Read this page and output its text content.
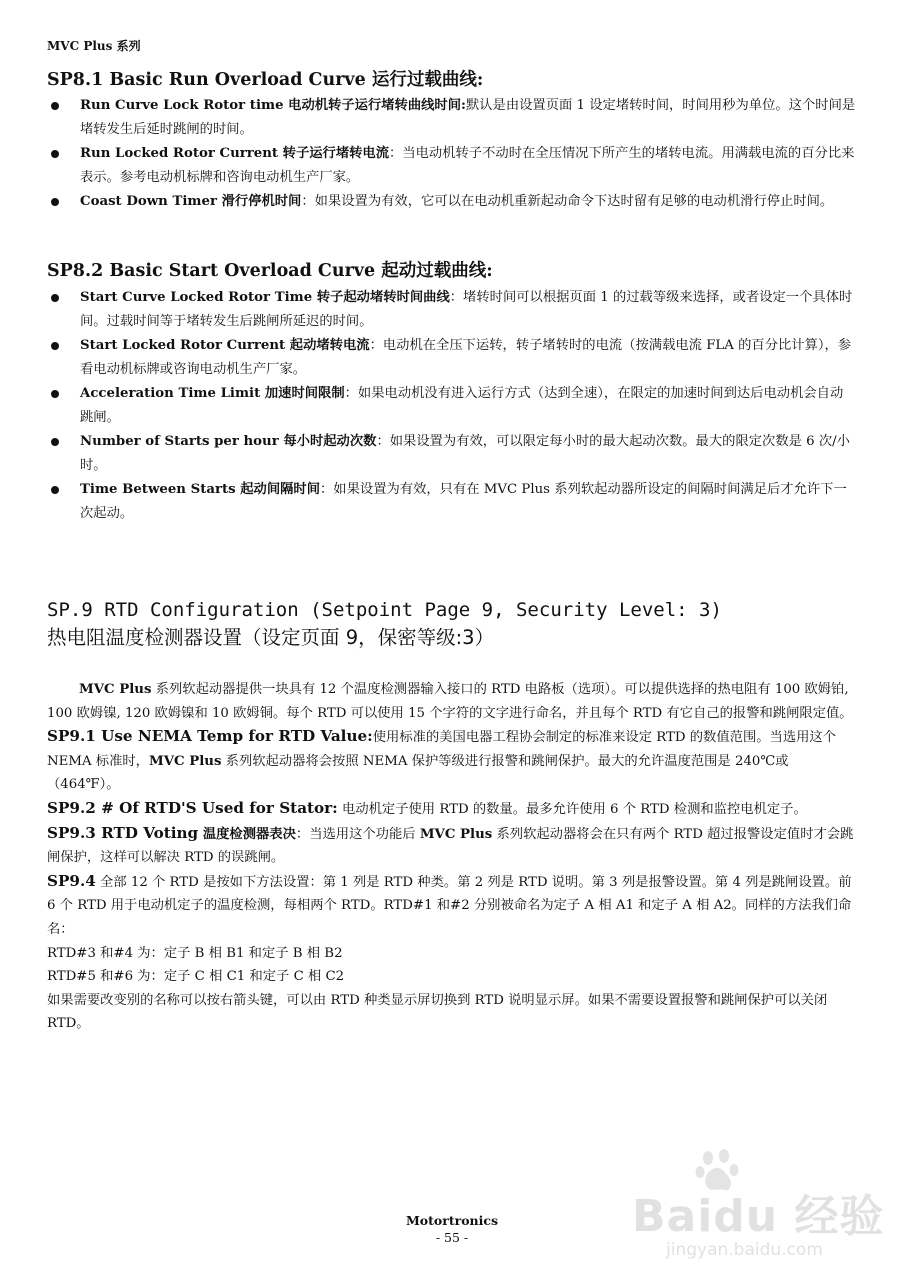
MVC Plus 系列
SP8.1 Basic Run Overload Curve 运行过载曲线:
Run Curve Lock Rotor time 电动机转子运行堵转曲线时间:默认是由设置页面 1 设定堵转时间，时间用秒为单位。这个时间是堵转发生后延时跳闸的时间。
Run Locked Rotor Current 转子运行堵转电流：当电动机转子不动时在全压情况下所产生的堵转电流。用满载电流的百分比来表示。参考电动机标牌和咨询电动机生产厂家。
Coast Down Timer 滑行停机时间：如果设置为有效，它可以在电动机重新起动命令下达时留有足够的电动机滑行停止时间。
SP8.2 Basic Start Overload Curve 起动过载曲线:
Start Curve Locked Rotor Time 转子起动堵转时间曲线：堵转时间可以根据页面 1 的过载等级来选择，或者设定一个具体时间。过载时间等于堵转发生后跳闸所延迟的时间。
Start Locked Rotor Current 起动堵转电流：电动机在全压下运转，转子堵转时的电流（按满载电流 FLA 的百分比计算），参看电动机标牌或咨询电动机生产厂家。
Acceleration Time Limit 加速时间限制：如果电动机没有进入运行方式（达到全速），在限定的加速时间到达后电动机会自动跳闸。
Number of Starts per hour 每小时起动次数：如果设置为有效，可以限定每小时的最大起动次数。最大的限定次数是 6 次/小时。
Time Between Starts 起动间隔时间：如果设置为有效，只有在 MVC Plus 系列软起动器所设定的间隔时间满足后才允许下一次起动。
SP.9 RTD Configuration (Setpoint Page 9, Security Level: 3)
热电阻温度检测器设置（设定页面 9，保密等级:3）

MVC Plus 系列软起动器提供一块具有 12 个温度检测器输入接口的 RTD 电路板（选项）。可以提供选择的热电阻有 100 欧姆铂, 100 欧姆镍, 120 欧姆镍和 10 欧姆铜。每个 RTD 可以使用 15 个字符的文字进行命名，并且每个 RTD 有它自己的报警和跳闸限定值。

SP9.1 Use NEMA Temp for RTD Value:使用标准的美国电器工程协会制定的标准来设定 RTD 的数值范围。当选用这个 NEMA 标准时，MVC Plus 系列软起动器将会按照 NEMA 保护等级进行报警和跳闸保护。最大的允许温度范围是 240℃或（464℉）。

SP9.2 # Of RTD'S Used for Stator: 电动机定子使用 RTD 的数量。最多允许使用 6 个 RTD 检测和监控电机定子。

SP9.3 RTD Voting 温度检测器表决：当选用这个功能后 MVC Plus 系列软起动器将会在只有两个 RTD 超过报警设定值时才会跳闸保护，这样可以解决 RTD 的误跳闸。

SP9.4 全部 12 个 RTD 是按如下方法设置：第 1 列是 RTD 种类。第 2 列是 RTD 说明。第 3 列是报警设置。第 4 列是跳闸设置。前 6 个 RTD 用于电动机定子的温度检测，每相两个 RTD。RTD#1 和#2 分别被命名为定子 A 相 A1 和定子 A 相 A2。同样的方法我们命名：

RTD#3 和#4 为：定子 B 相 B1 和定子 B 相 B2

RTD#5 和#6 为：定子 C 相 C1 和定子 C 相 C2

如果需要改变别的名称可以按右箭头键，可以由 RTD 种类显示屏切换到 RTD 说明显示屏。如果不需要设置报警和跳闸保护可以关闭 RTD。

Motortronics
- 55 -	Baidu 经验
jingyan.baidu.com
